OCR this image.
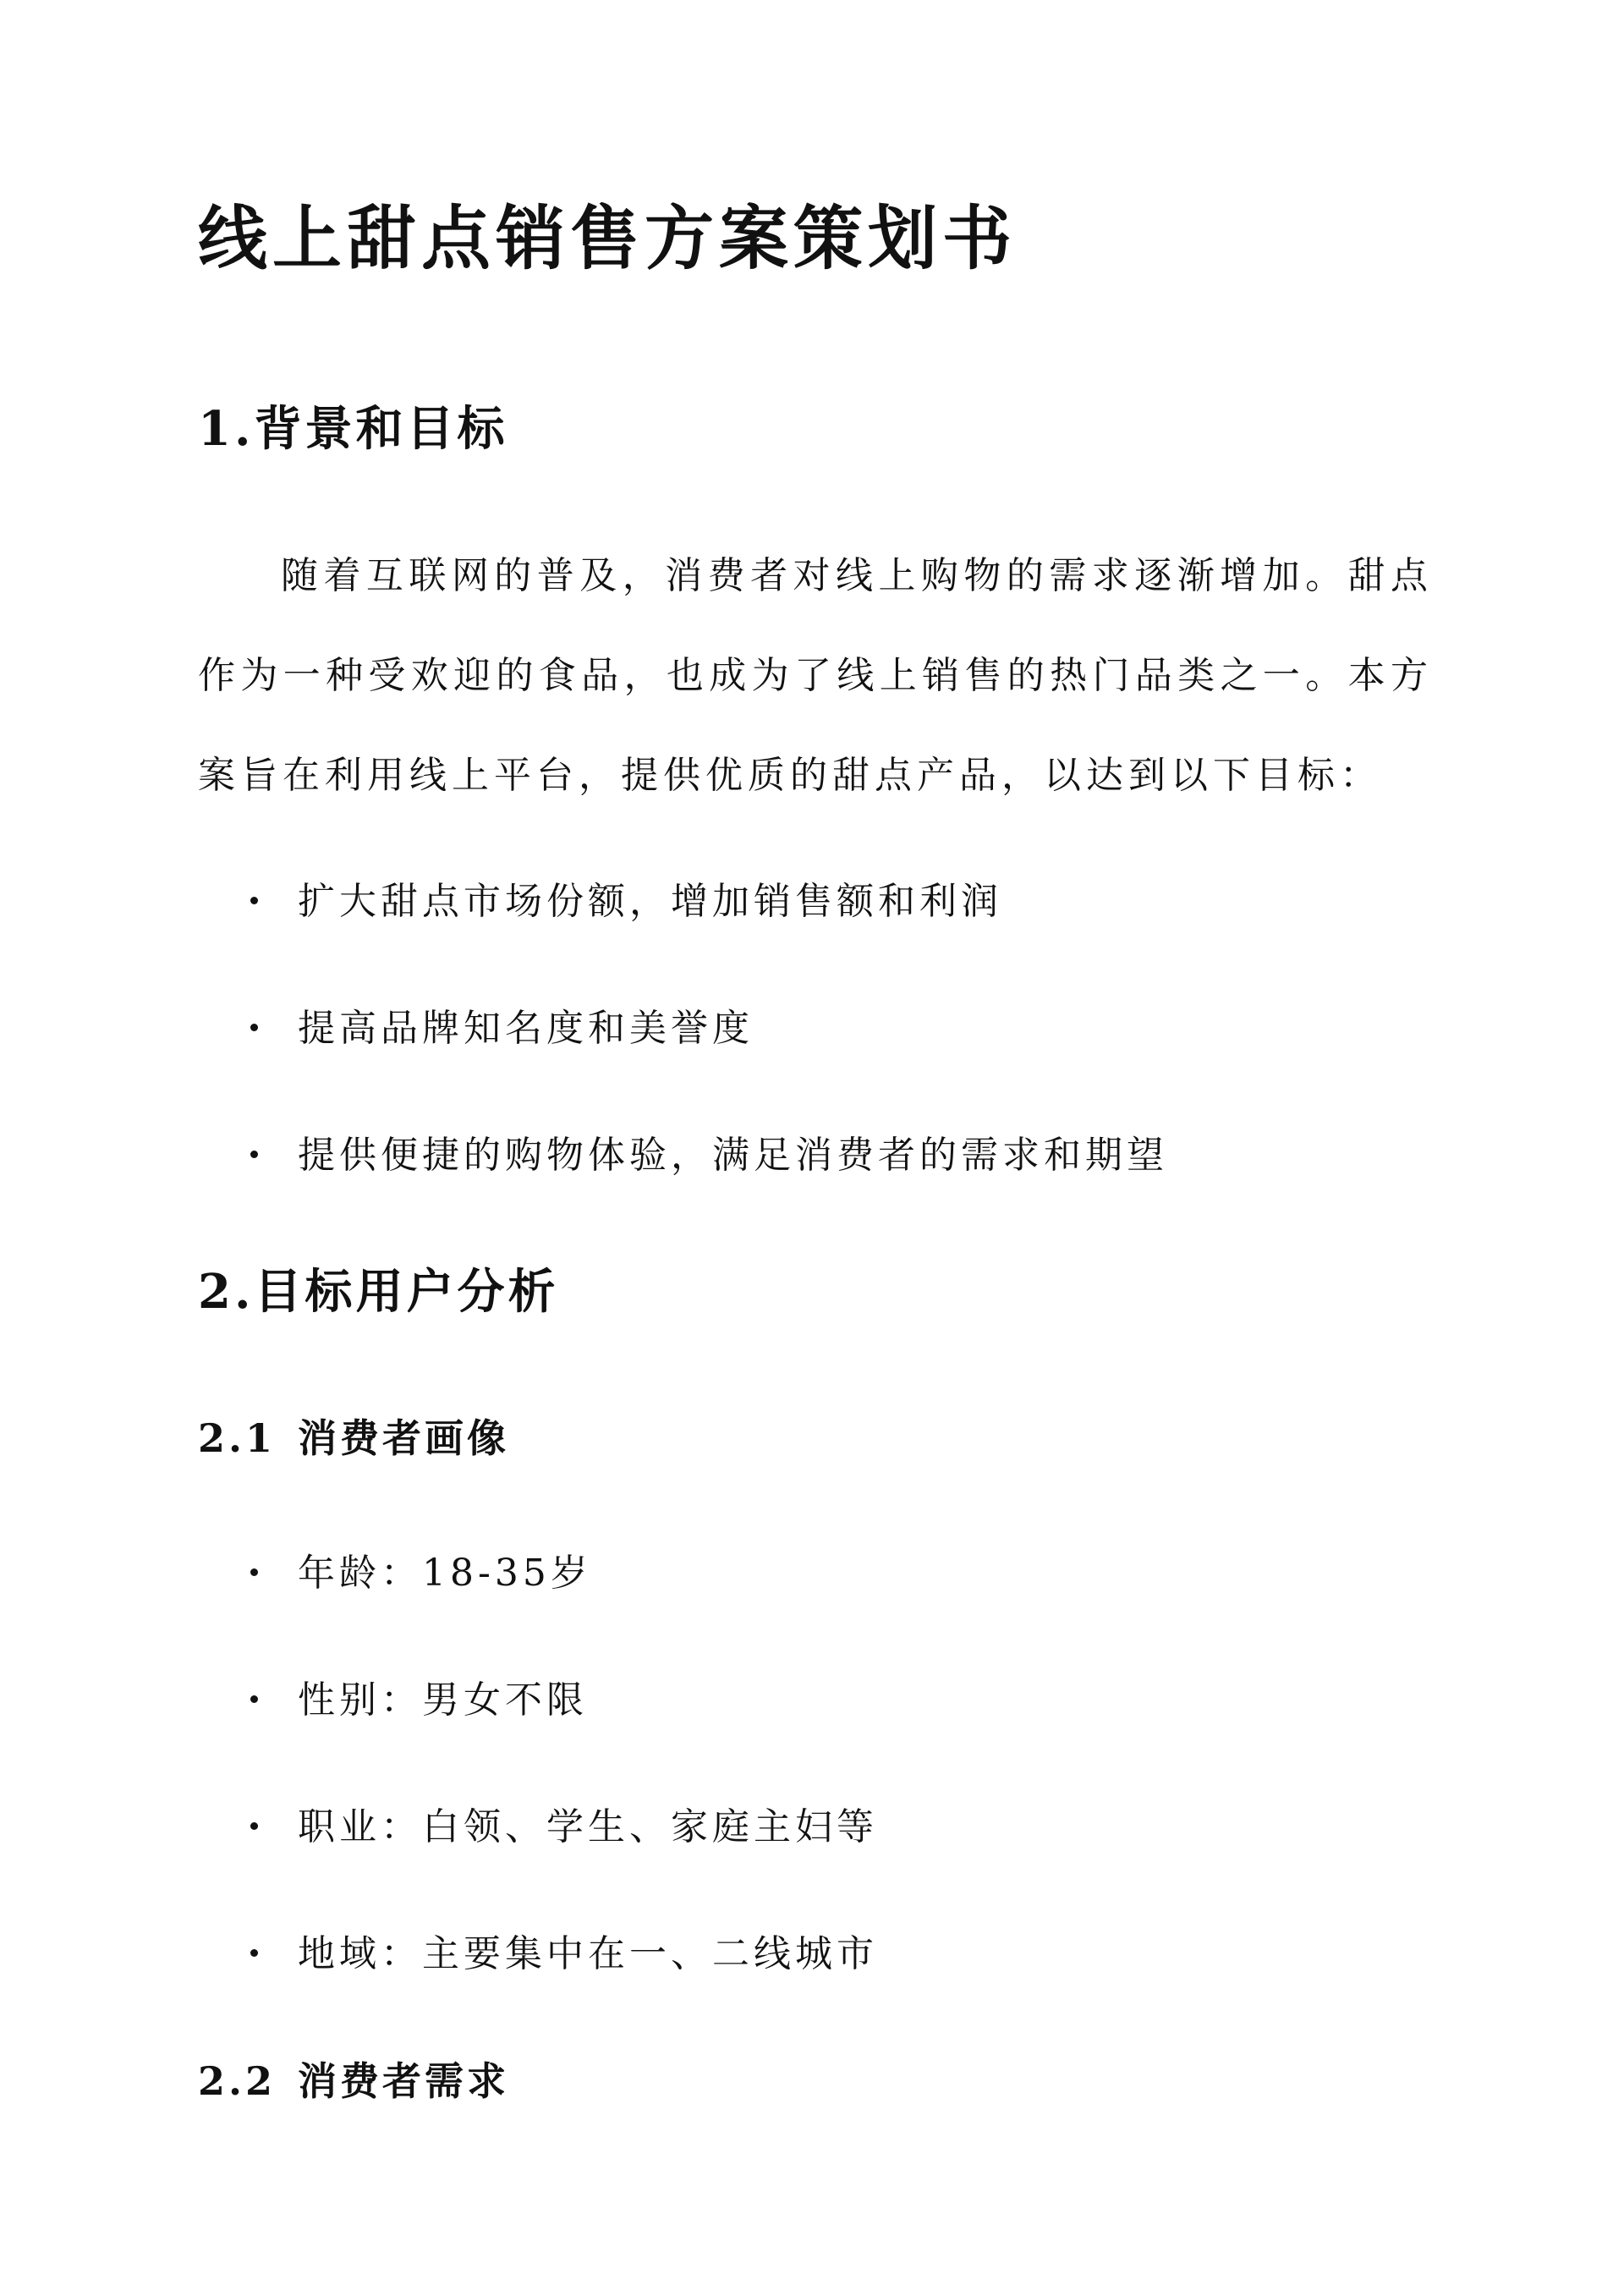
线上甜点销售方案策划书
1.背景和目标

随着互联网的普及，消费者对线上购物的需求逐渐增加。甜点作为一种受欢迎的食品，也成为了线上销售的热门品类之一。本方案旨在利用线上平台，提供优质的甜点产品，以达到以下目标：

扩大甜点市场份额，增加销售额和利润
提高品牌知名度和美誉度
提供便捷的购物体验，满足消费者的需求和期望
2.目标用户分析
2.1 消费者画像
年龄：18-35岁
性别：男女不限
职业：白领、学生、家庭主妇等
地域：主要集中在一、二线城市
2.2 消费者需求
